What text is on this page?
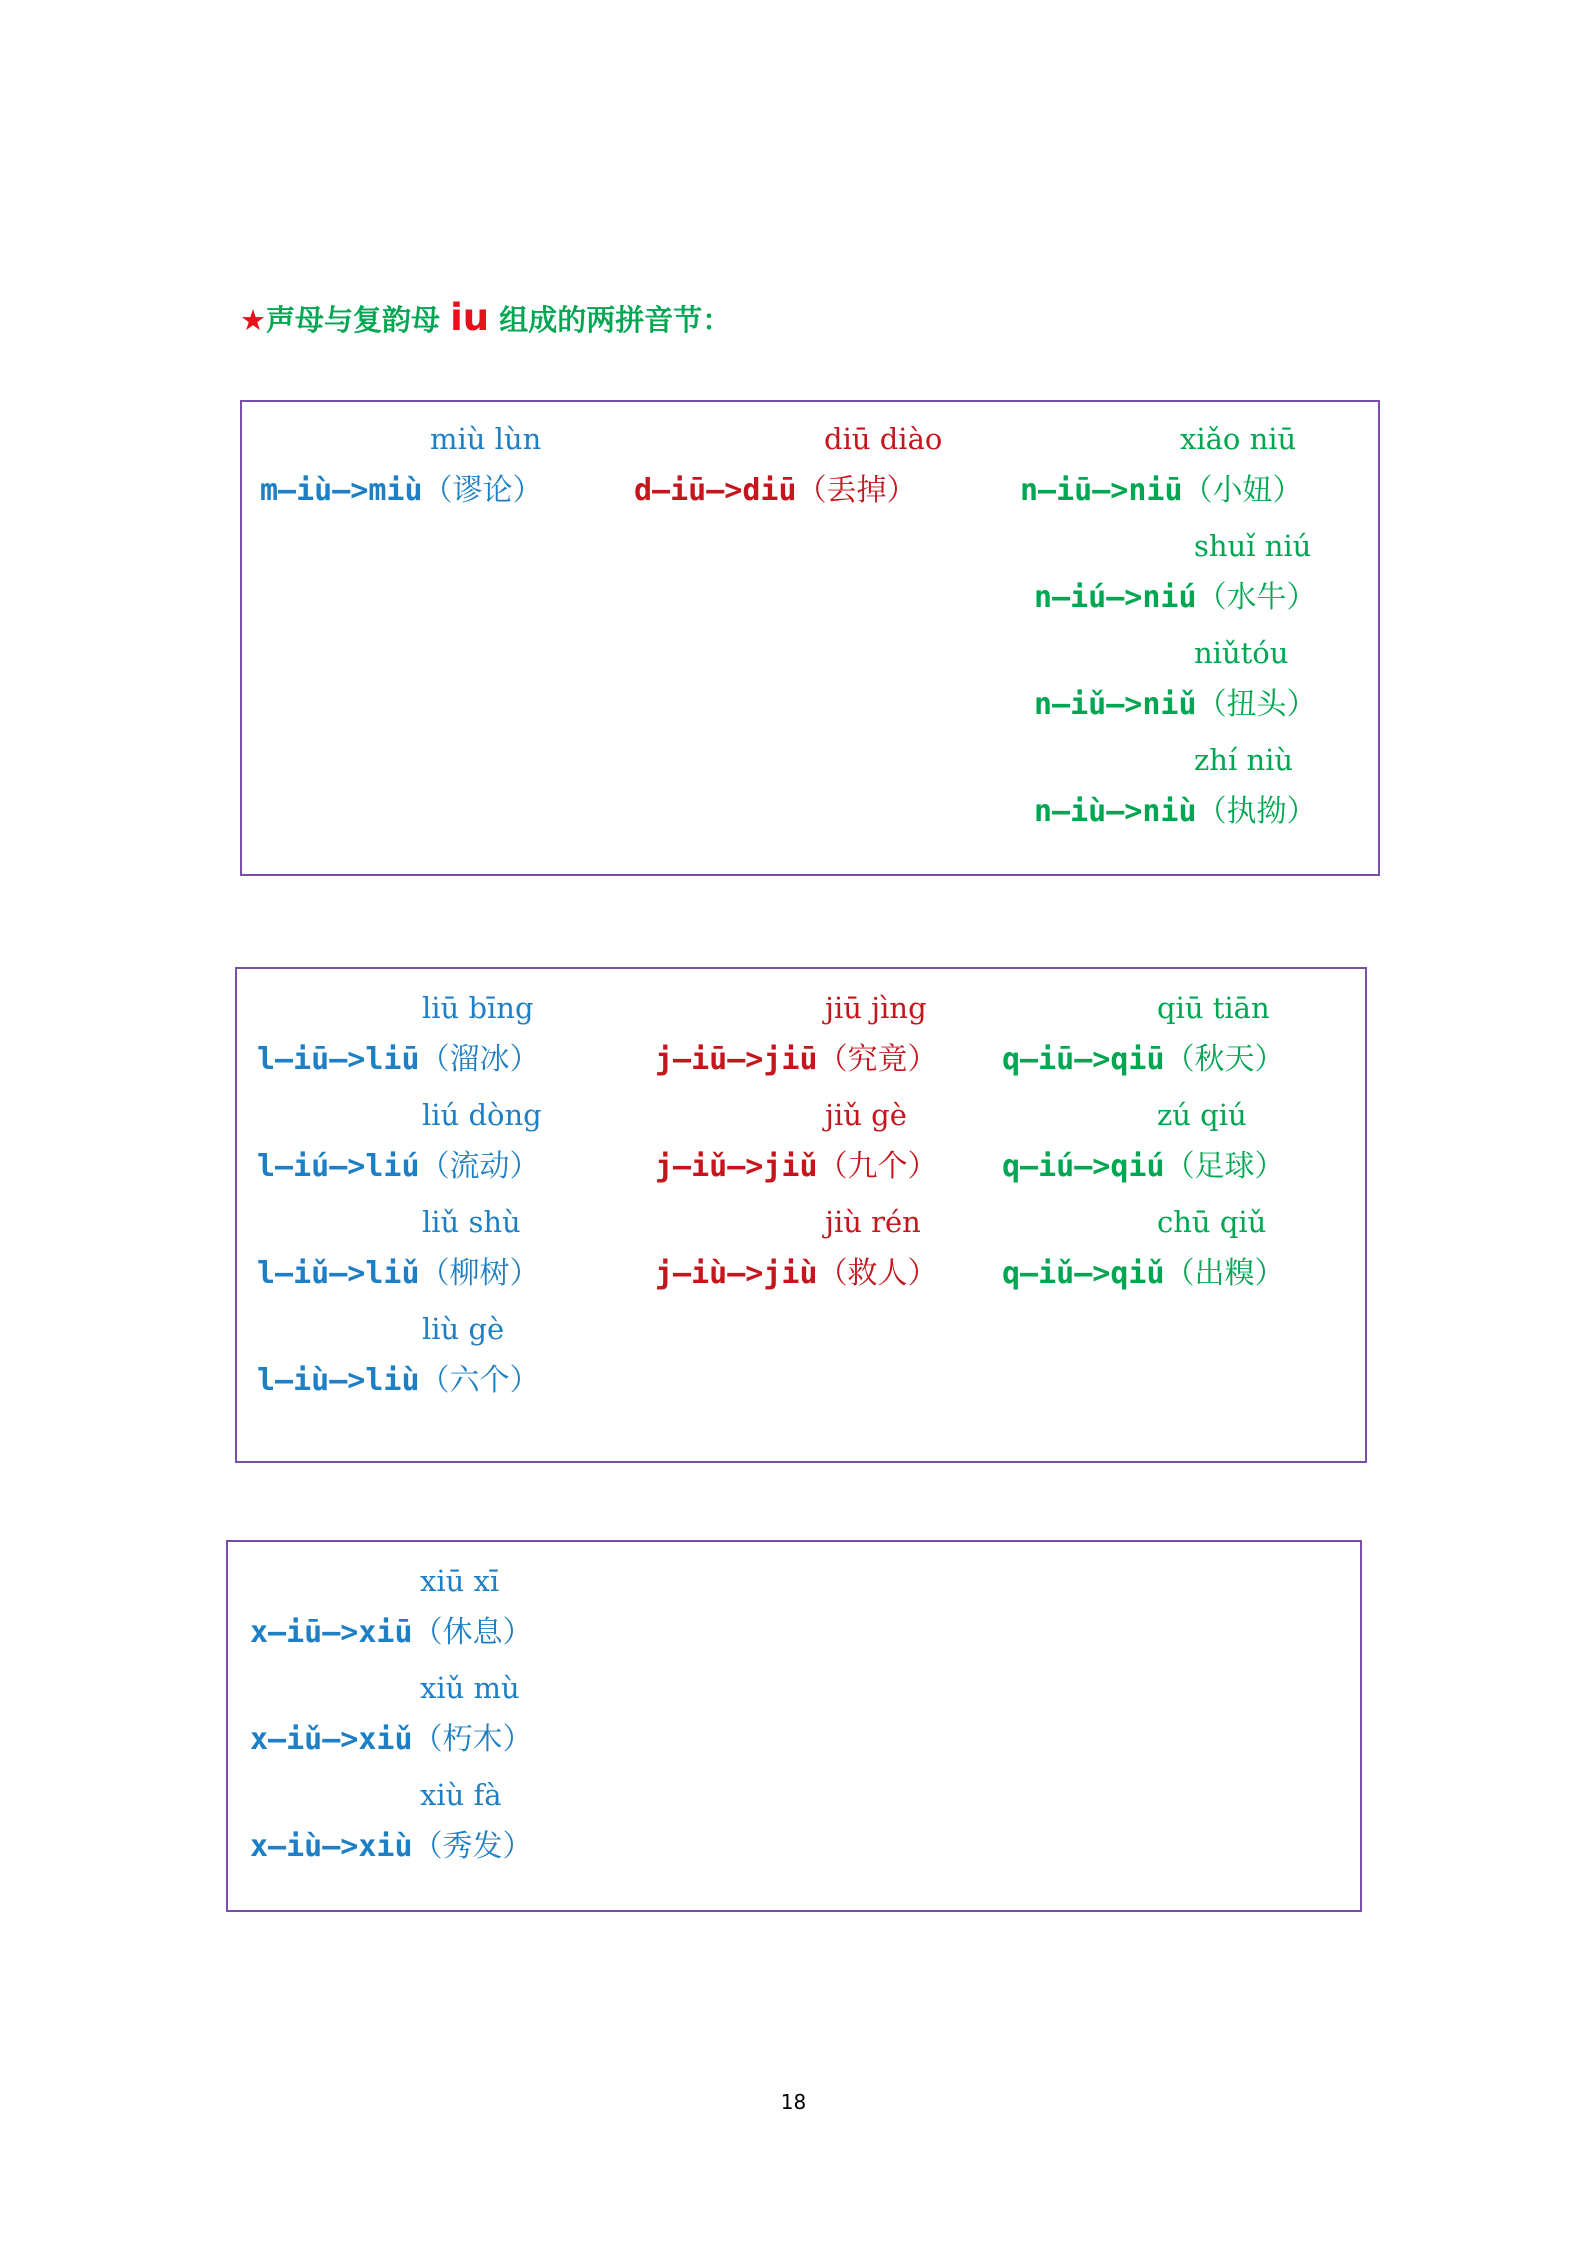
★声母与复韵母 iu 组成的两拼音节：
miù lùn
m—iù—>miù（谬论）
diū diào
d—iū—>diū（丢掉）
xiǎo niū
n—iū—>niū（小妞）
shuǐ niú
n—iú—>niú（水牛）
niǔtóu
n—iǔ—>niǔ（扭头）
zhí niù
n—iù—>niù（执拗）
liū bīng
l—iū—>liū（溜冰）
liú dòng
l—iú—>liú（流动）
liǔ shù
l—iǔ—>liǔ（柳树）
liù gè
l—iù—>liù（六个）
jiū jìng
j—iū—>jiū（究竟）
jiǔ gè
j—iǔ—>jiǔ（九个）
jiù rén
j—iù—>jiù（救人）
qiū tiān
q—iū—>qiū（秋天）
zú qiú
q—iú—>qiú（足球）
chū qiǔ
q—iǔ—>qiǔ（出糗）
xiū xī
x—iū—>xiū（休息）
xiǔ mù
x—iǔ—>xiǔ（朽木）
xiù fà
x—iù—>xiù（秀发）
18
